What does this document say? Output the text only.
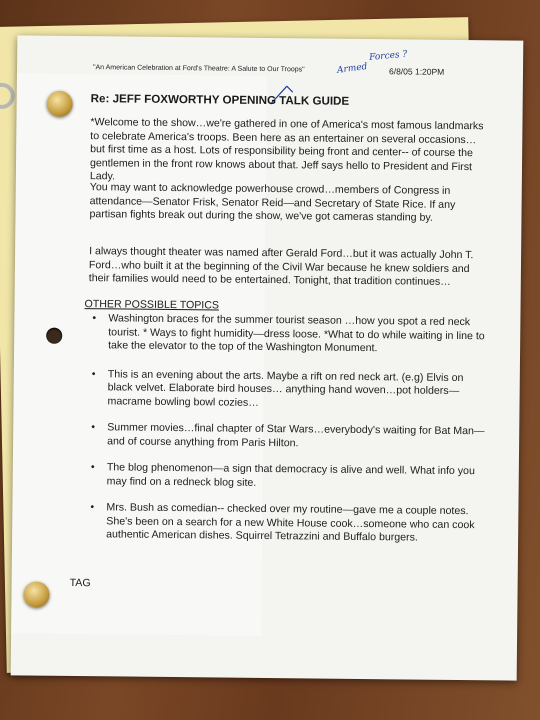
"An American Celebration at Ford's Theatre: A Salute to Our Troops"
Forces ?
Armed 6/8/05 1:20PM
Re: JEFF FOXWORTHY OPENING TALK GUIDE

*Welcome to the show…we're gathered in one of America's most famous landmarks to celebrate America's troops. Been here as an entertainer on several occasions…but first time as a host. Lots of responsibility being front and center-- of course the gentlemen in the front row knows about that. Jeff says hello to President and First Lady.

You may want to acknowledge powerhouse crowd…members of Congress in attendance—Senator Frisk, Senator Reid—and Secretary of State Rice. If any partisan fights break out during the show, we've got cameras standing by.

I always thought theater was named after Gerald Ford…but it was actually John T. Ford…who built it at the beginning of the Civil War because he knew soldiers and their families would need to be entertained. Tonight, that tradition continues…

OTHER POSSIBLE TOPICS
• Washington braces for the summer tourist season …how you spot a red neck tourist. * Ways to fight humidity—dress loose. *What to do while waiting in line to take the elevator to the top of the Washington Monument.
• This is an evening about the arts. Maybe a rift on red neck art. (e.g) Elvis on black velvet. Elaborate bird houses… anything hand woven…pot holders—macrame bowling bowl cozies…
• Summer movies…final chapter of Star Wars…everybody's waiting for Bat Man—and of course anything from Paris Hilton.
• The blog phenomenon—a sign that democracy is alive and well. What info you may find on a redneck blog site.
• Mrs. Bush as comedian-- checked over my routine—gave me a couple notes. She's been on a search for a new White House cook…someone who can cook authentic American dishes. Squirrel Tetrazzini and Buffalo burgers.
TAG
